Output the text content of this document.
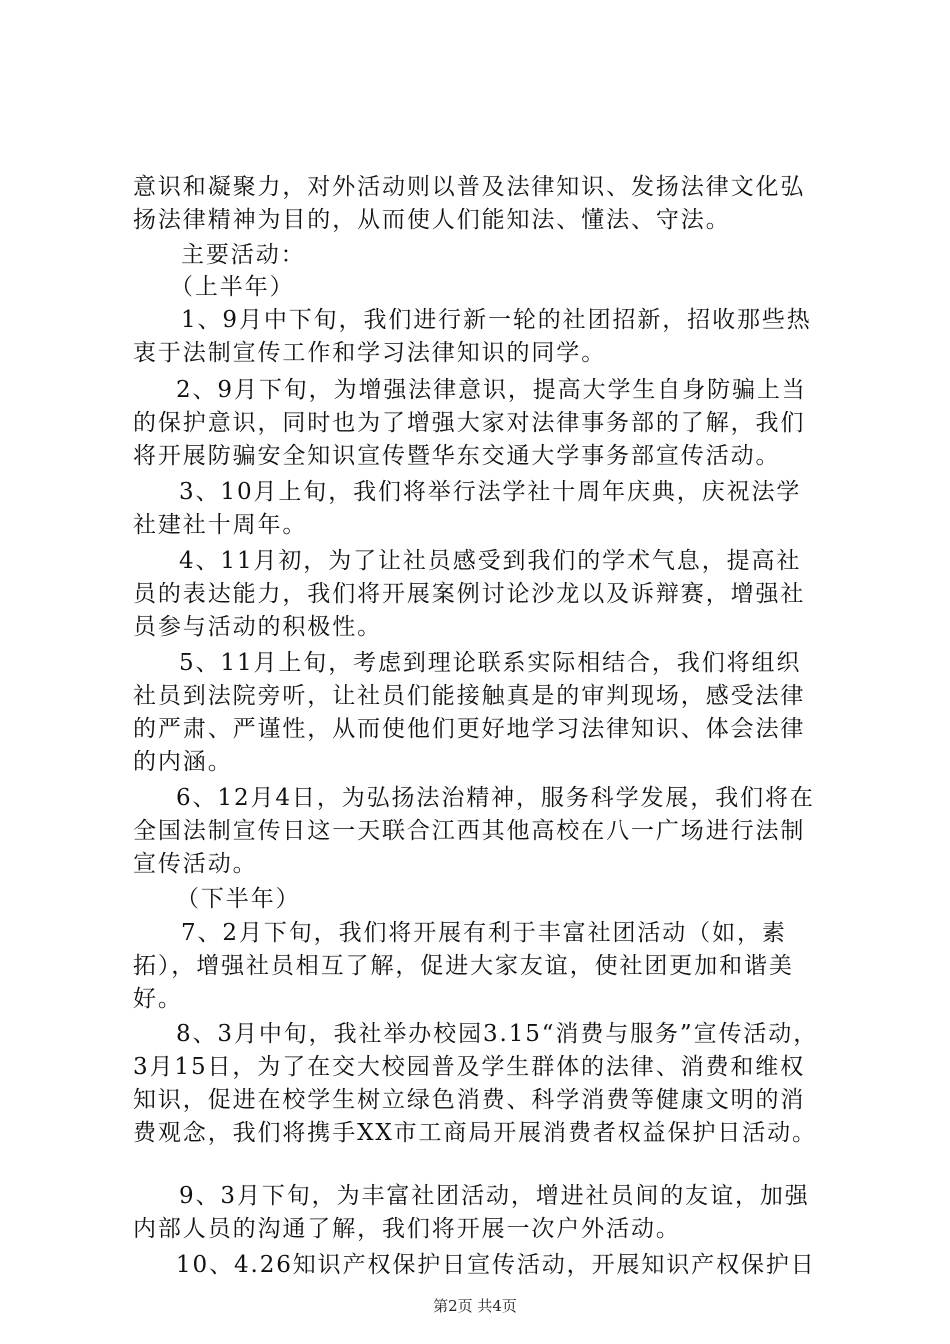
意识和凝聚力，对外活动则以普及法律知识、发扬法律文化弘
扬法律精神为目的，从而使人们能知法、懂法、守法。
主要活动：
（上半年）
1、9月中下旬，我们进行新一轮的社团招新，招收那些热
衷于法制宣传工作和学习法律知识的同学。
2、9月下旬，为增强法律意识，提高大学生自身防骗上当
的保护意识，同时也为了增强大家对法律事务部的了解，我们
将开展防骗安全知识宣传暨华东交通大学事务部宣传活动。
3、10月上旬，我们将举行法学社十周年庆典，庆祝法学
社建社十周年。
4、11月初，为了让社员感受到我们的学术气息，提高社
员的表达能力，我们将开展案例讨论沙龙以及诉辩赛，增强社
员参与活动的积极性。
5、11月上旬，考虑到理论联系实际相结合，我们将组织
社员到法院旁听，让社员们能接触真是的审判现场，感受法律
的严肃、严谨性，从而使他们更好地学习法律知识、体会法律
的内涵。
6、12月4日，为弘扬法治精神，服务科学发展，我们将在
全国法制宣传日这一天联合江西其他高校在八一广场进行法制
宣传活动。
（下半年）
7、2月下旬，我们将开展有利于丰富社团活动（如，素
拓），增强社员相互了解，促进大家友谊，使社团更加和谐美
好。
8、3月中旬，我社举办校园3.15“消费与服务”宣传活动，
3月15日，为了在交大校园普及学生群体的法律、消费和维权
知识，促进在校学生树立绿色消费、科学消费等健康文明的消
费观念，我们将携手XX市工商局开展消费者权益保护日活动。
9、3月下旬，为丰富社团活动，增进社员间的友谊，加强
内部人员的沟通了解，我们将开展一次户外活动。
10、4.26知识产权保护日宣传活动，开展知识产权保护日
第2页 共4页
